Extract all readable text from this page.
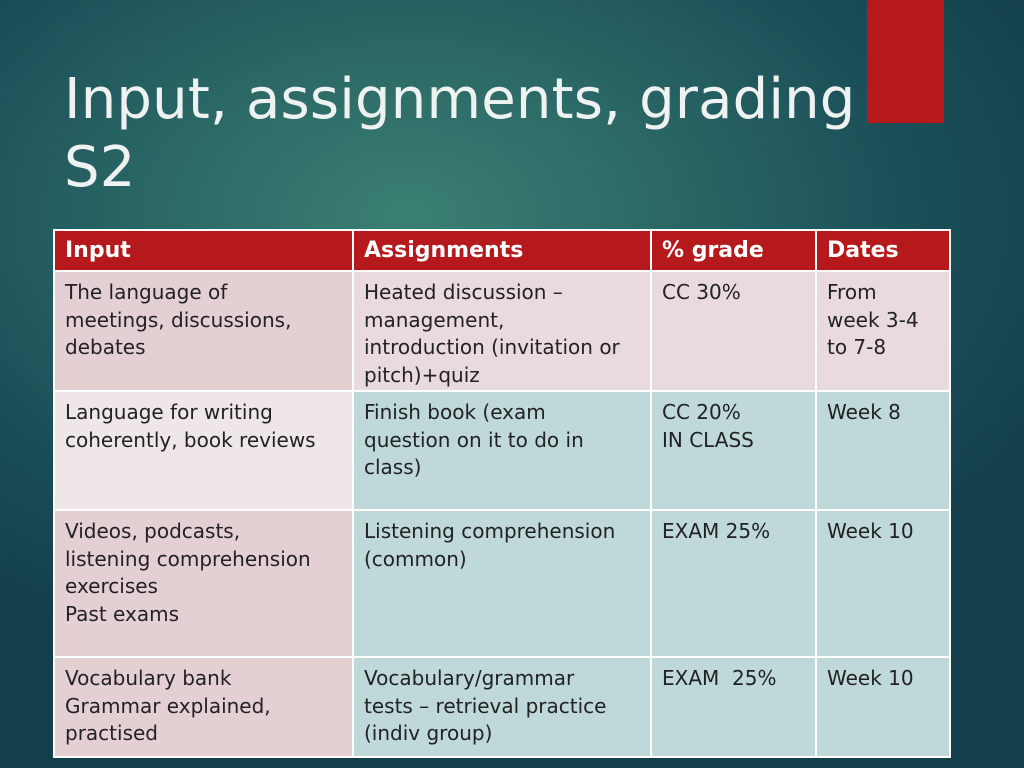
Input, assignments, grading
S2
Input	Assignments	% grade	Dates

The language of
meetings, discussions,
debates	Heated discussion –
management,
introduction (invitation or
pitch)+quiz	CC 30%	From
week 3-4
to 7-8

Language for writing
coherently, book reviews	Finish book (exam
question on it to do in
class)	CC 20%
IN CLASS	Week 8

Videos, podcasts,
listening comprehension
exercises
Past exams	Listening comprehension
(common)	EXAM 25%	Week 10

Vocabulary bank
Grammar explained,
practised	Vocabulary/grammar
tests – retrieval practice
(indiv group)	EXAM  25%	Week 10
